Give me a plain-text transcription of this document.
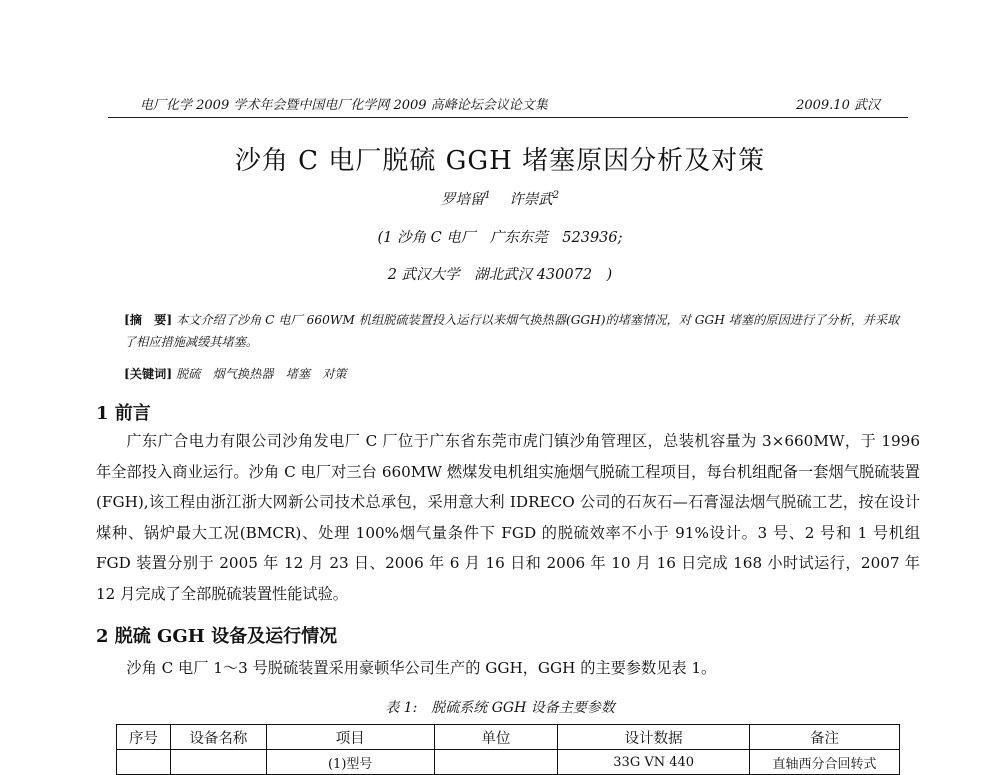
电厂化学 2009 学术年会暨中国电厂化学网 2009 高峰论坛会议论文集	2009.10 武汉
沙角 C 电厂脱硫 GGH 堵塞原因分析及对策
罗培留$^1$ 许崇武$^2$
(1 沙角 C 电厂　广东东莞　523936;
2 武汉大学　湖北武汉 430072　)
[摘　要] 本文介绍了沙角 C 电厂 660WM 机组脱硫装置投入运行以来烟气换热器(GGH)的堵塞情况，对 GGH 堵塞的原因进行了分析，并采取了相应措施减缓其堵塞。
[关键词] 脱硫　烟气换热器　堵塞　对策
1 前言
广东广合电力有限公司沙角发电厂 C 厂位于广东省东莞市虎门镇沙角管理区，总装机容量为 3×660MW，于 1996 年全部投入商业运行。沙角 C 电厂对三台 660MW 燃煤发电机组实施烟气脱硫工程项目，每台机组配备一套烟气脱硫装置(FGH),该工程由浙江浙大网新公司技术总承包，采用意大利 IDRECO 公司的石灰石—石膏湿法烟气脱硫工艺，按在设计煤种、锅炉最大工况(BMCR)、处理 100%烟气量条件下 FGD 的脱硫效率不小于 91%设计。3 号、2 号和 1 号机组 FGD 装置分别于 2005 年 12 月 23 日、2006 年 6 月 16 日和 2006 年 10 月 16 日完成 168 小时试运行，2007 年 12 月完成了全部脱硫装置性能试验。
2 脱硫 GGH 设备及运行情况
沙角 C 电厂 1～3 号脱硫装置采用豪顿华公司生产的 GGH，GGH 的主要参数见表 1。
表 1:　脱硫系统 GGH 设备主要参数
序号	设备名称	项目	单位	设计数据	备注
		(1)型号		33G VN 440	直轴西分合回转式
